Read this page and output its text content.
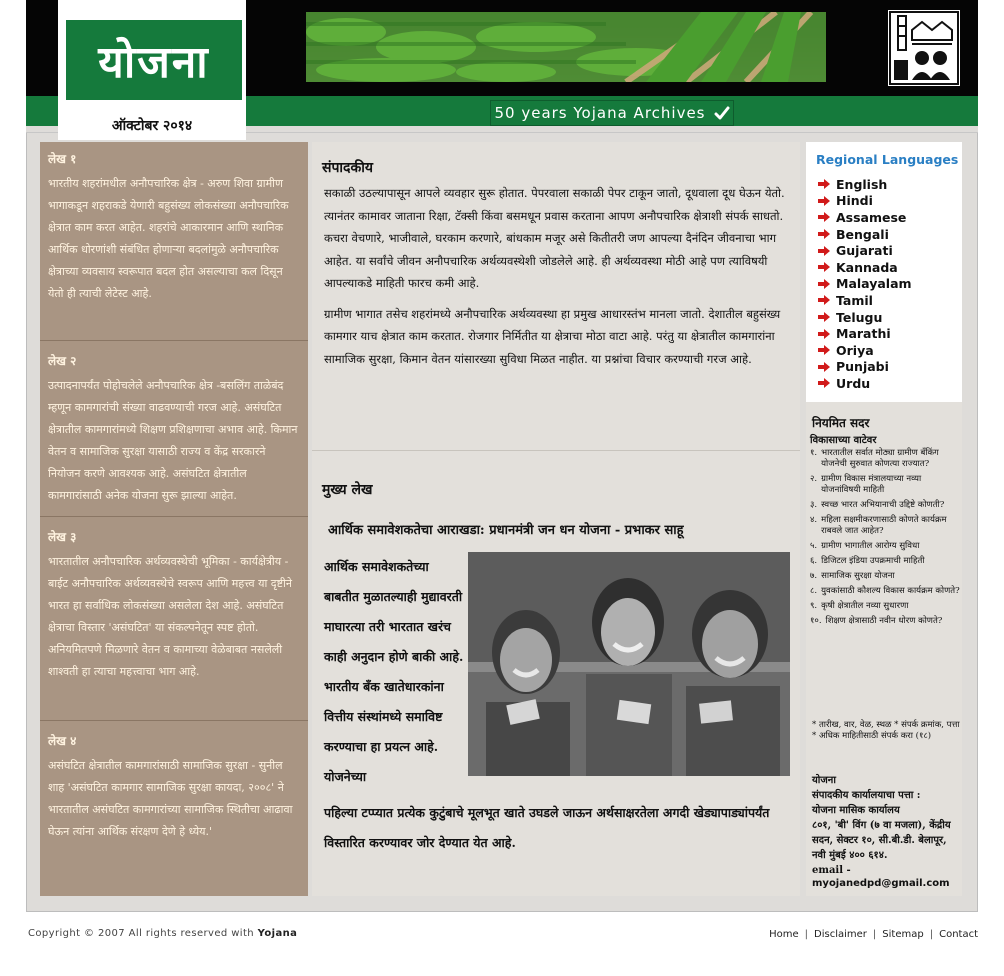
योजना
ऑक्टोबर २०१४
50 years Yojana Archives
लेख १
भारतीय शहरांमधील अनौपचारिक क्षेत्र - अरुण शिवा ग्रामीण भागाकडून शहराकडे येणारी बहुसंख्य लोकसंख्या अनौपचारिक क्षेत्रात काम करत आहेत. शहरांचे आकारमान आणि स्थानिक आर्थिक धोरणांशी संबंधित होणाऱ्या बदलांमुळे अनौपचारिक क्षेत्राच्या व्यवसाय स्वरूपात बदल होत असल्याचा कल दिसून येतो ही त्याची लेटेस्ट आहे.
लेख २
उत्पादनापर्यंत पोहोचलेले अनौपचारिक क्षेत्र -बसलिंग ताळेबंद म्हणून कामगारांची संख्या वाढवण्याची गरज आहे. असंघटित क्षेत्रातील कामगारांमध्ये शिक्षण प्रशिक्षणाचा अभाव आहे. किमान वेतन व सामाजिक सुरक्षा यासाठी राज्य व केंद्र सरकारने नियोजन करणे आवश्यक आहे. असंघटित क्षेत्रातील कामगारांसाठी अनेक योजना सुरू झाल्या आहेत.
लेख ३
भारतातील अनौपचारिक अर्थव्यवस्थेची भूमिका - कार्यक्षेत्रीय - बाईट अनौपचारिक अर्थव्यवस्थेचे स्वरूप आणि महत्त्व या दृष्टीने भारत हा सर्वाधिक लोकसंख्या असलेला देश आहे. असंघटित क्षेत्राचा विस्तार 'असंघटित' या संकल्पनेतून स्पष्ट होतो. अनियमितपणे मिळणारे वेतन व कामाच्या वेळेबाबत नसलेली शाश्वती हा त्याचा महत्त्वाचा भाग आहे.
लेख ४
असंघटित क्षेत्रातील कामगारांसाठी सामाजिक सुरक्षा - सुनील शाह 'असंघटित कामगार सामाजिक सुरक्षा कायदा, २००८' ने भारतातील असंघटित कामगारांच्या सामाजिक स्थितीचा आढावा घेऊन त्यांना आर्थिक संरक्षण देणे हे ध्येय.'
संपादकीय

सकाळी उठल्यापासून आपले व्यवहार सुरू होतात. पेपरवाला सकाळी पेपर टाकून जातो, दूधवाला दूध घेऊन येतो. त्यानंतर कामावर जाताना रिक्षा, टॅक्सी किंवा बसमधून प्रवास करताना आपण अनौपचारिक क्षेत्राशी संपर्क साधतो. कचरा वेचणारे, भाजीवाले, घरकाम करणारे, बांधकाम मजूर असे कितीतरी जण आपल्या दैनंदिन जीवनाचा भाग आहेत. या सर्वांचे जीवन अनौपचारिक अर्थव्यवस्थेशी जोडलेले आहे. ही अर्थव्यवस्था मोठी आहे पण त्याविषयी आपल्याकडे माहिती फारच कमी आहे.

ग्रामीण भागात तसेच शहरांमध्ये अनौपचारिक अर्थव्यवस्था हा प्रमुख आधारस्तंभ मानला जातो. देशातील बहुसंख्य कामगार याच क्षेत्रात काम करतात. रोजगार निर्मितीत या क्षेत्राचा मोठा वाटा आहे. परंतु या क्षेत्रातील कामगारांना सामाजिक सुरक्षा, किमान वेतन यांसारख्या सुविधा मिळत नाहीत. या प्रश्नांचा विचार करण्याची गरज आहे.

मुख्य लेख
आर्थिक समावेशकतेचा आराखडा: प्रधानमंत्री जन धन योजना - प्रभाकर साहू
आर्थिक समावेशकतेच्या बाबतीत मुळातल्याही मुद्यावरती माघारत्या तरी भारतात खरंच काही अनुदान होणे बाकी आहे. भारतीय बँक खातेधारकांना वित्तीय संस्थांमध्ये समाविष्ट करण्याचा हा प्रयत्न आहे. योजनेच्या
पहिल्या टप्प्यात प्रत्येक कुटुंबाचे मूलभूत खाते उघडले जाऊन अर्थसाक्षरतेला अगदी खेड्यापाड्यांपर्यंत विस्तारित करण्यावर जोर देण्यात येत आहे.
Regional Languages
English
Hindi
Assamese
Bengali
Gujarati
Kannada
Malayalam
Tamil
Telugu
Marathi
Oriya
Punjabi
Urdu
नियमित सदर
विकासाच्या वाटेवर
१. भारतातील सर्वात मोठ्या ग्रामीण बँकिंग योजनेची सुरुवात कोणत्या राज्यात?
२. ग्रामीण विकास मंत्रालयाच्या नव्या योजनांविषयी माहिती
३. स्वच्छ भारत अभियानाची उद्दिष्टे कोणती?
४. महिला सक्षमीकरणासाठी कोणते कार्यक्रम राबवले जात आहेत?
५. ग्रामीण भागातील आरोग्य सुविधा
६. डिजिटल इंडिया उपक्रमाची माहिती
७. सामाजिक सुरक्षा योजना
८. युवकांसाठी कौशल्य विकास कार्यक्रम कोणते?
९. कृषी क्षेत्रातील नव्या सुधारणा
१०. शिक्षण क्षेत्रासाठी नवीन धोरण कोणते?
* तारीख, वार, वेळ, स्थळ * संपर्क क्रमांक, पत्ता * अधिक माहितीसाठी संपर्क करा (१८)
योजना
संपादकीय कार्यालयाचा पत्ता :
योजना मासिक कार्यालय
८०१, 'बी' विंग (७ वा मजला), केंद्रीय सदन, सेक्टर १०, सी.बी.डी. बेलापूर,
नवी मुंबई ४०० ६१४.
email -
myojanedpd@gmail.com
Copyright © 2007 All rights reserved with Yojana	Home | Disclaimer | Sitemap | Contact
